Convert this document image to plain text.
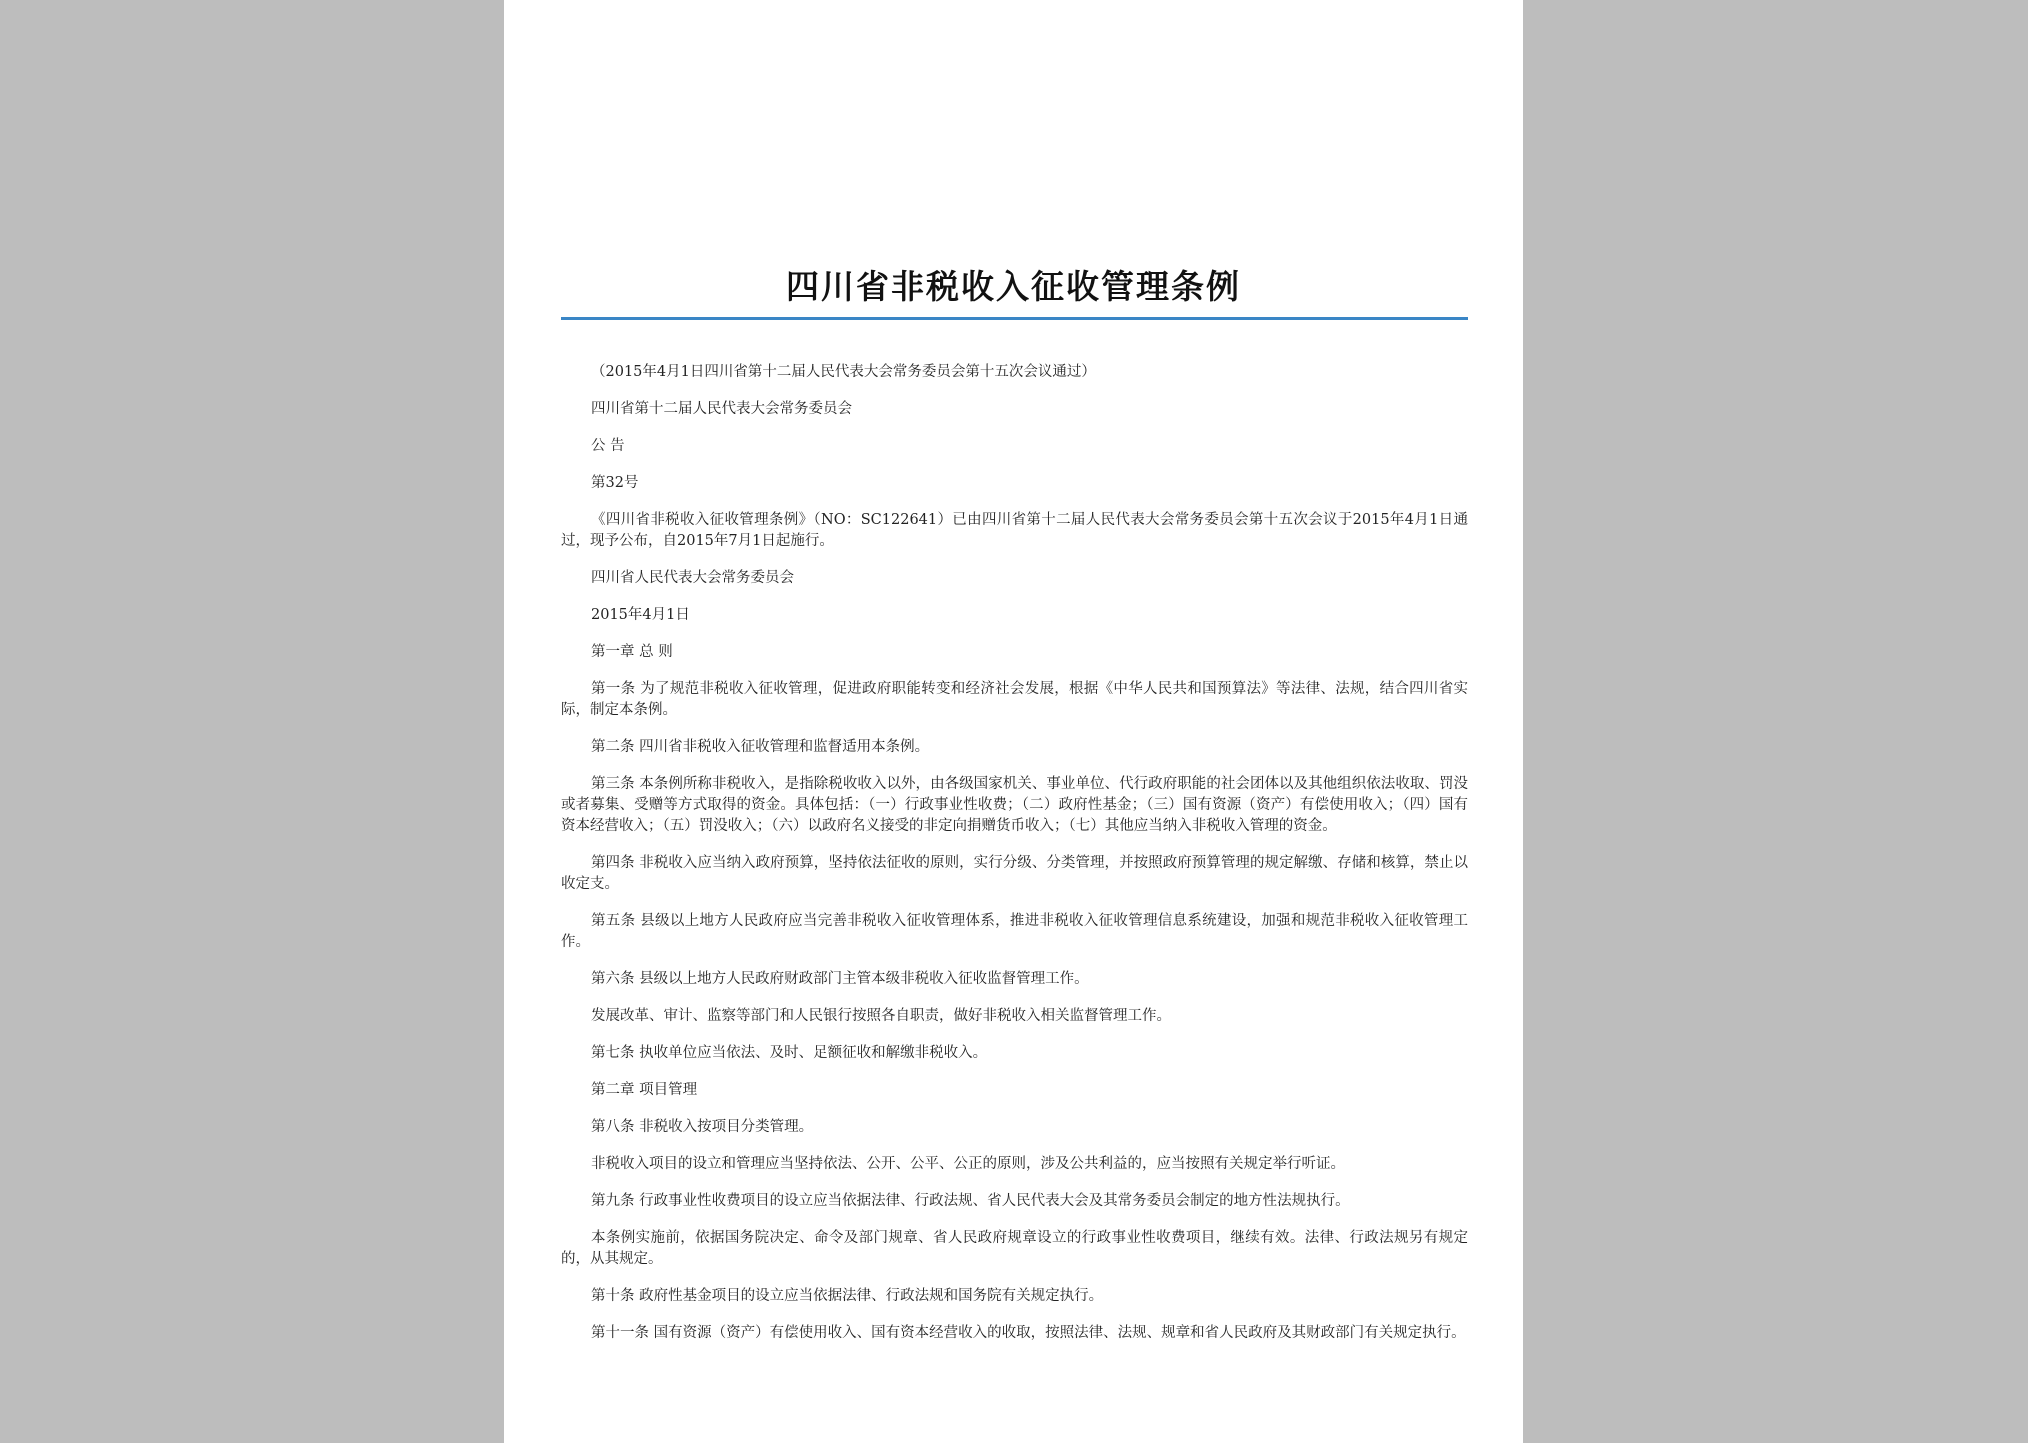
四川省非税收入征收管理条例

（2015年4月1日四川省第十二届人民代表大会常务委员会第十五次会议通过）

四川省第十二届人民代表大会常务委员会

公 告

第32号

《四川省非税收入征收管理条例》（NO：SC122641）已由四川省第十二届人民代表大会常务委员会第十五次会议于2015年4月1日通过，现予公布，自2015年7月1日起施行。

四川省人民代表大会常务委员会

2015年4月1日

第一章 总 则

第一条 为了规范非税收入征收管理，促进政府职能转变和经济社会发展，根据《中华人民共和国预算法》等法律、法规，结合四川省实际，制定本条例。

第二条 四川省非税收入征收管理和监督适用本条例。

第三条 本条例所称非税收入，是指除税收收入以外，由各级国家机关、事业单位、代行政府职能的社会团体以及其他组织依法收取、罚没或者募集、受赠等方式取得的资金。具体包括：（一）行政事业性收费；（二）政府性基金；（三）国有资源（资产）有偿使用收入；（四）国有资本经营收入；（五）罚没收入；（六）以政府名义接受的非定向捐赠货币收入；（七）其他应当纳入非税收入管理的资金。

第四条 非税收入应当纳入政府预算，坚持依法征收的原则，实行分级、分类管理，并按照政府预算管理的规定解缴、存储和核算，禁止以收定支。

第五条 县级以上地方人民政府应当完善非税收入征收管理体系，推进非税收入征收管理信息系统建设，加强和规范非税收入征收管理工作。

第六条 县级以上地方人民政府财政部门主管本级非税收入征收监督管理工作。

发展改革、审计、监察等部门和人民银行按照各自职责，做好非税收入相关监督管理工作。

第七条 执收单位应当依法、及时、足额征收和解缴非税收入。

第二章 项目管理

第八条 非税收入按项目分类管理。

非税收入项目的设立和管理应当坚持依法、公开、公平、公正的原则，涉及公共利益的，应当按照有关规定举行听证。

第九条 行政事业性收费项目的设立应当依据法律、行政法规、省人民代表大会及其常务委员会制定的地方性法规执行。

本条例实施前，依据国务院决定、命令及部门规章、省人民政府规章设立的行政事业性收费项目，继续有效。法律、行政法规另有规定的，从其规定。

第十条 政府性基金项目的设立应当依据法律、行政法规和国务院有关规定执行。

第十一条 国有资源（资产）有偿使用收入、国有资本经营收入的收取，按照法律、法规、规章和省人民政府及其财政部门有关规定执行。
